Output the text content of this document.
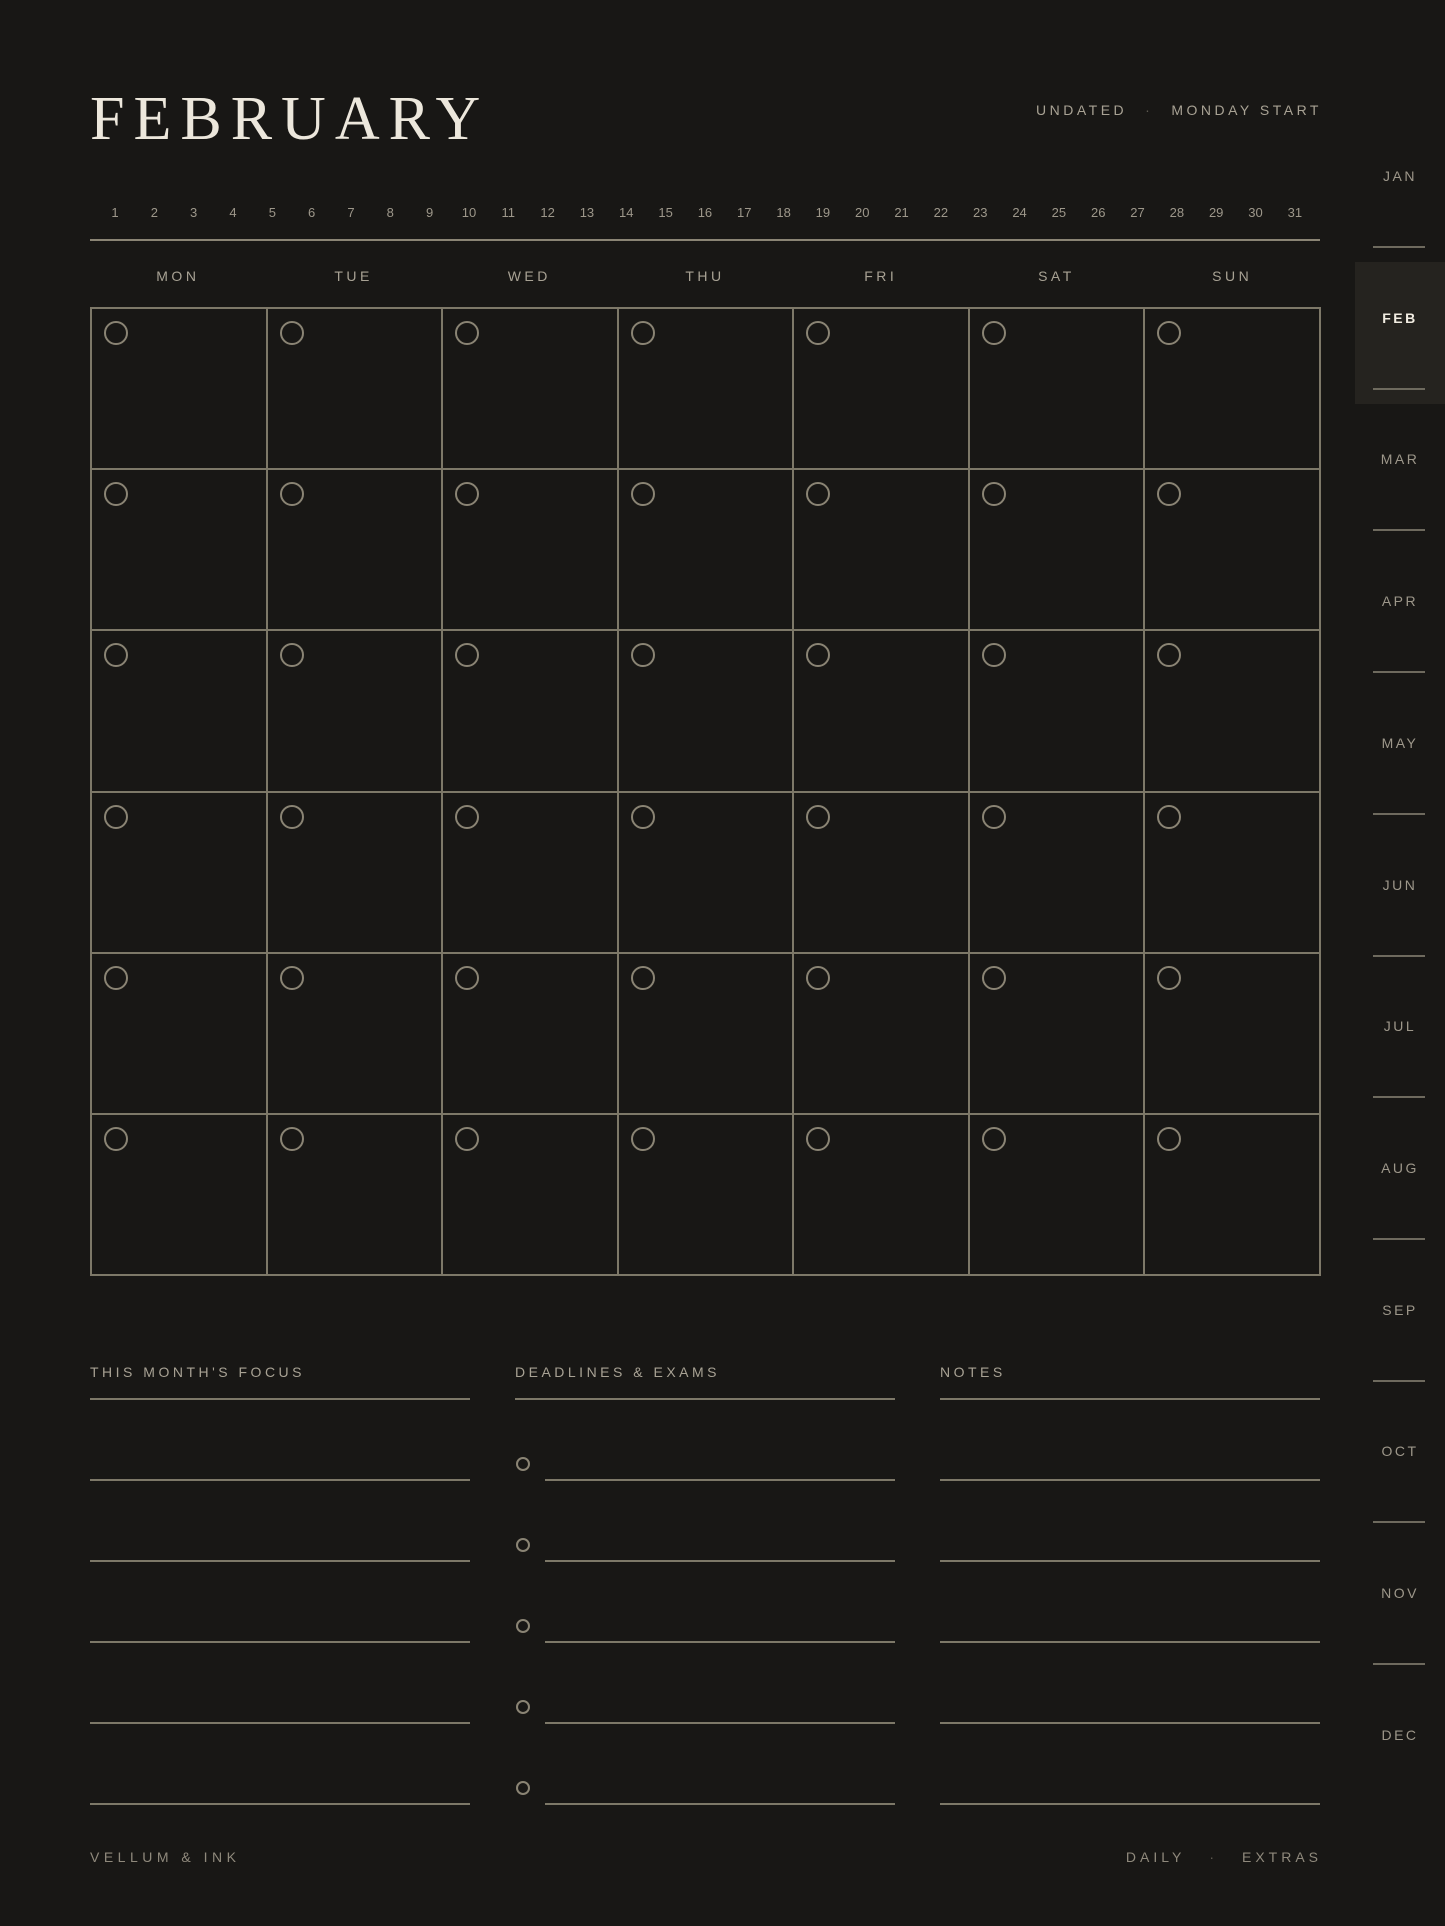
FEBRUARY	UNDATED · MONDAY START
1	2	3	4	5	6	7	8	9	10	11	12	13	14	15	16	17	18	19	20	21	22	23	24	25	26	27	28	29	30	31
MON	TUE	WED	THU	FRI	SAT	SUN
THIS MONTH'S FOCUS	DEADLINES & EXAMS	NOTES
JAN
FEB
MAR
APR
MAY
JUN
JUL
AUG
SEP
OCT
NOV
DEC
VELLUM & INK	DAILY · EXTRAS
